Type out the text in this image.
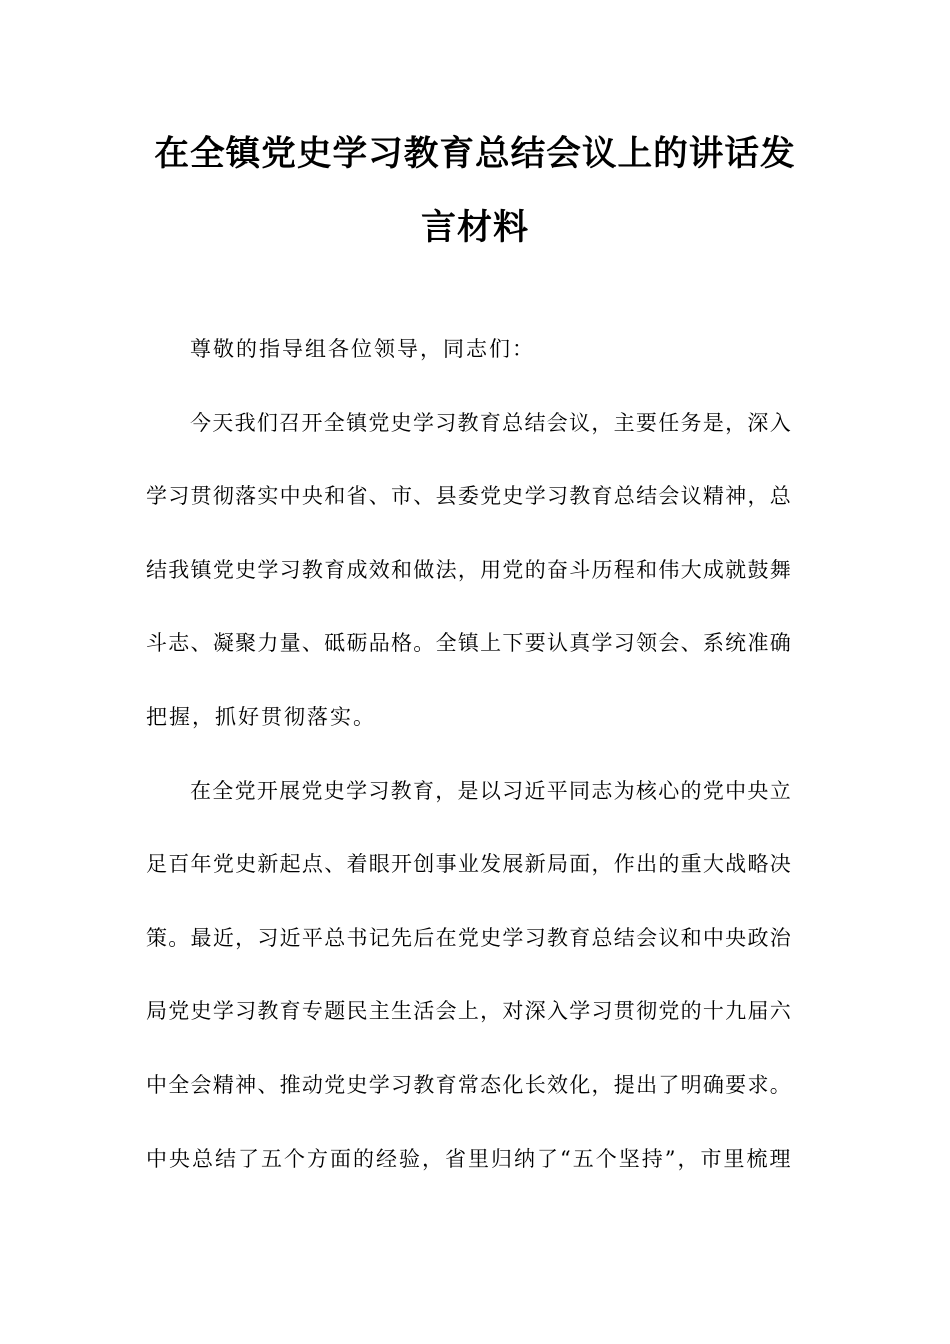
在全镇党史学习教育总结会议上的讲话发
言材料
尊敬的指导组各位领导，同志们：
今天我们召开全镇党史学习教育总结会议，主要任务是，深入
学习贯彻落实中央和省、市、县委党史学习教育总结会议精神，总
结我镇党史学习教育成效和做法，用党的奋斗历程和伟大成就鼓舞
斗志、凝聚力量、砥砺品格。全镇上下要认真学习领会、系统准确
把握，抓好贯彻落实。
在全党开展党史学习教育，是以习近平同志为核心的党中央立
足百年党史新起点、着眼开创事业发展新局面，作出的重大战略决
策。最近，习近平总书记先后在党史学习教育总结会议和中央政治
局党史学习教育专题民主生活会上，对深入学习贯彻党的十九届六
中全会精神、推动党史学习教育常态化长效化，提出了明确要求。
中央总结了五个方面的经验，省里归纳了“五个坚持”，市里梳理
